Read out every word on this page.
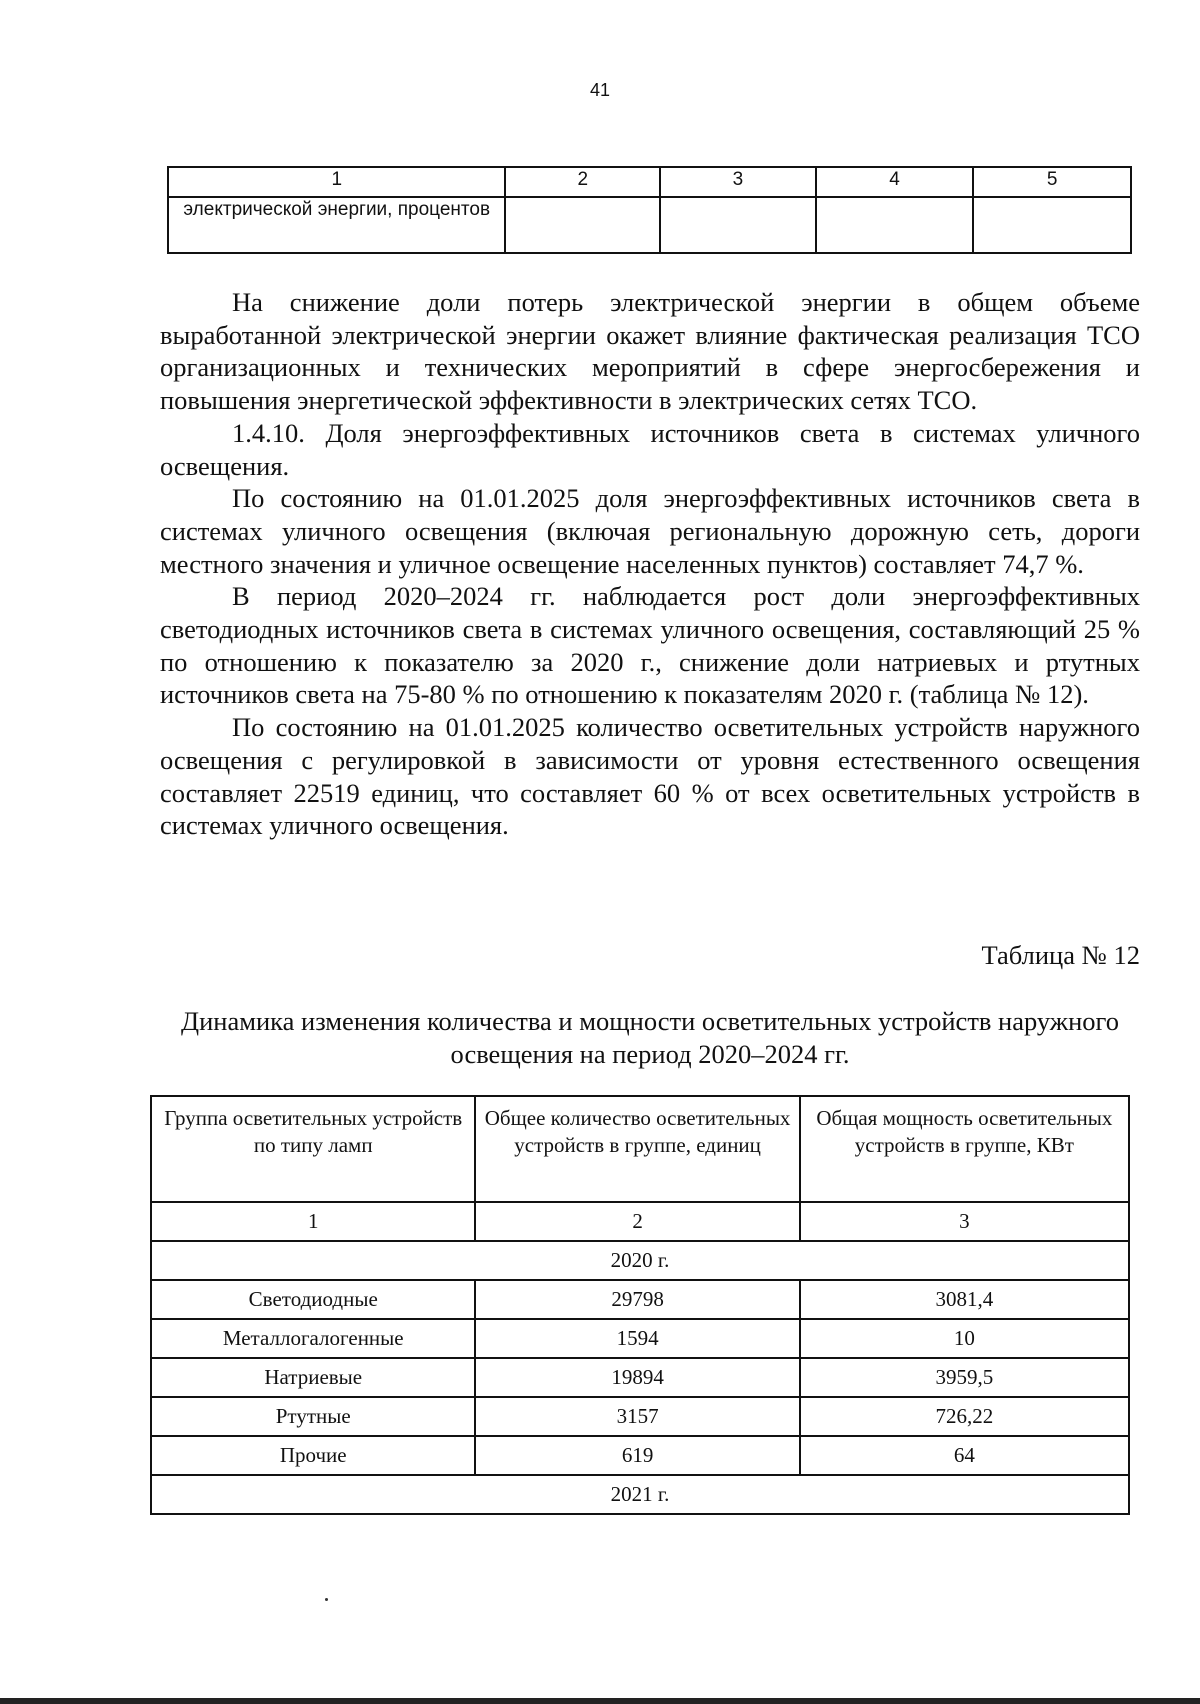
41
1	2	3	4	5
электрической энергии, процентов				

На снижение доли потерь электрической энергии в общем объеме выработанной электрической энергии окажет влияние фактическая реализация ТСО организационных и технических мероприятий в сфере энергосбережения и повышения энергетической эффективности в электрических сетях ТСО.

1.4.10. Доля энергоэффективных источников света в системах уличного освещения.

По состоянию на 01.01.2025 доля энергоэффективных источников света в системах уличного освещения (включая региональную дорожную сеть, дороги местного значения и уличное освещение населенных пунктов) составляет 74,7 %.

В период 2020–2024 гг. наблюдается рост доли энергоэффективных светодиодных источников света в системах уличного освещения, составляющий 25 % по отношению к показателю за 2020 г., снижение доли натриевых и ртутных источников света на 75-80 % по отношению к показателям 2020 г. (таблица № 12).

По состоянию на 01.01.2025 количество осветительных устройств наружного освещения с регулировкой в зависимости от уровня естественного освещения составляет 22519 единиц, что составляет 60 % от всех осветительных устройств в системах уличного освещения.

Таблица № 12
Динамика изменения количества и мощности осветительных устройств наружного освещения на период 2020–2024 гг.
Группа осветительных устройств по типу ламп	Общее количество осветительных устройств в группе, единиц	Общая мощность осветительных устройств в группе, КВт
1	2	3
2020 г.		
Светодиодные	29798	3081,4
Металлогалогенные	1594	10
Натриевые	19894	3959,5
Ртутные	3157	726,22
Прочие	619	64
2021 г.		
